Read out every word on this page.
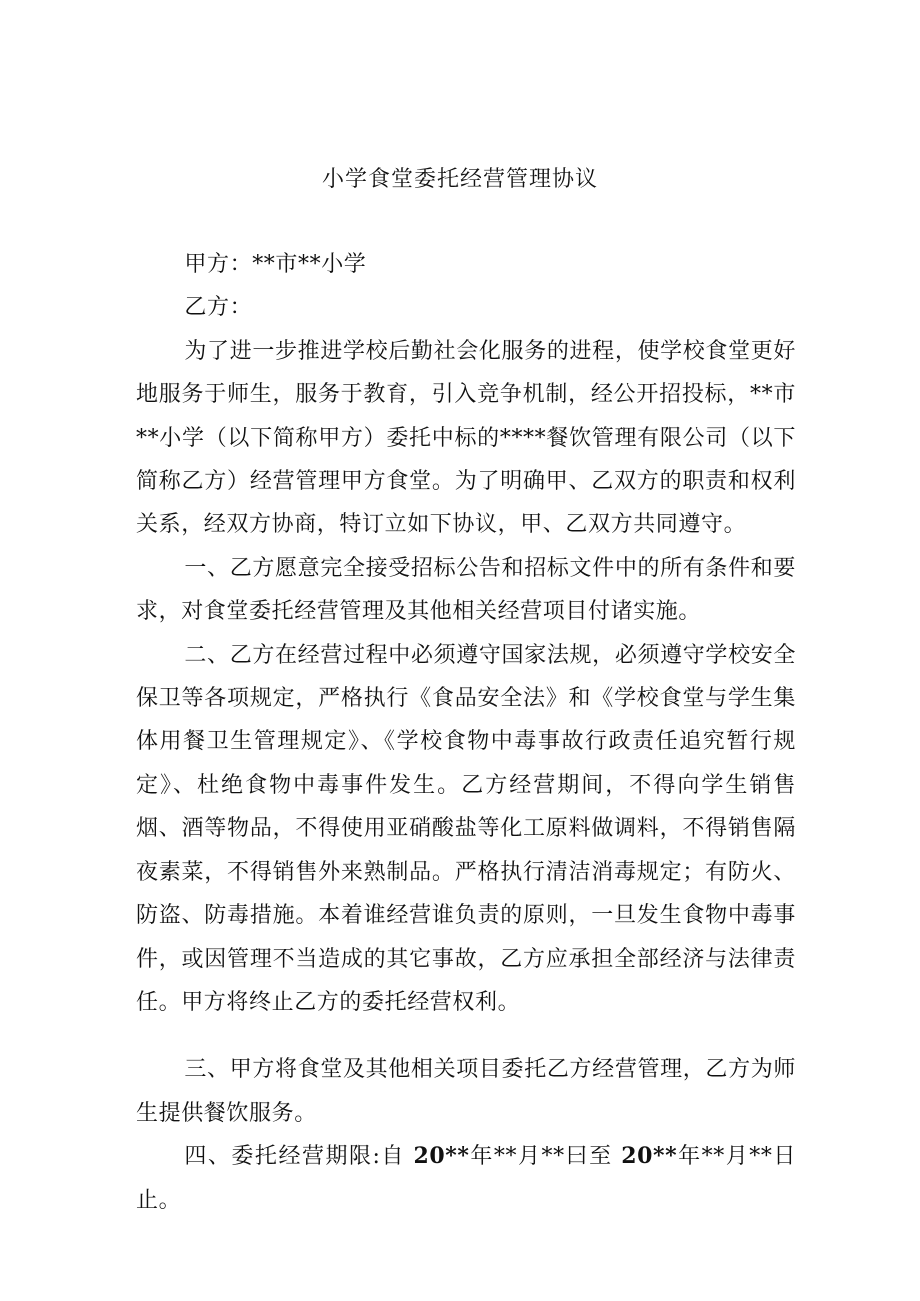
小学食堂委托经营管理协议

甲方：**市**小学

乙方：

为了进一步推进学校后勤社会化服务的进程，使学校食堂更好地服务于师生，服务于教育，引入竞争机制，经公开招投标，**市**小学（以下简称甲方）委托中标的****餐饮管理有限公司（以下简称乙方）经营管理甲方食堂。为了明确甲、乙双方的职责和权利关系，经双方协商，特订立如下协议，甲、乙双方共同遵守。

一、乙方愿意完全接受招标公告和招标文件中的所有条件和要求，对食堂委托经营管理及其他相关经营项目付诸实施。

二、乙方在经营过程中必须遵守国家法规，必须遵守学校安全保卫等各项规定，严格执行《食品安全法》和《学校食堂与学生集体用餐卫生管理规定》、《学校食物中毒事故行政责任追究暂行规定》、杜绝食物中毒事件发生。乙方经营期间，不得向学生销售烟、酒等物品，不得使用亚硝酸盐等化工原料做调料，不得销售隔夜素菜，不得销售外来熟制品。严格执行清洁消毒规定；有防火、防盗、防毒措施。本着谁经营谁负责的原则，一旦发生食物中毒事件，或因管理不当造成的其它事故，乙方应承担全部经济与法律责任。甲方将终止乙方的委托经营权利。

三、甲方将食堂及其他相关项目委托乙方经营管理，乙方为师生提供餐饮服务。

四、委托经营期限:自 20**年**月**曰至 20**年**月**日止。
